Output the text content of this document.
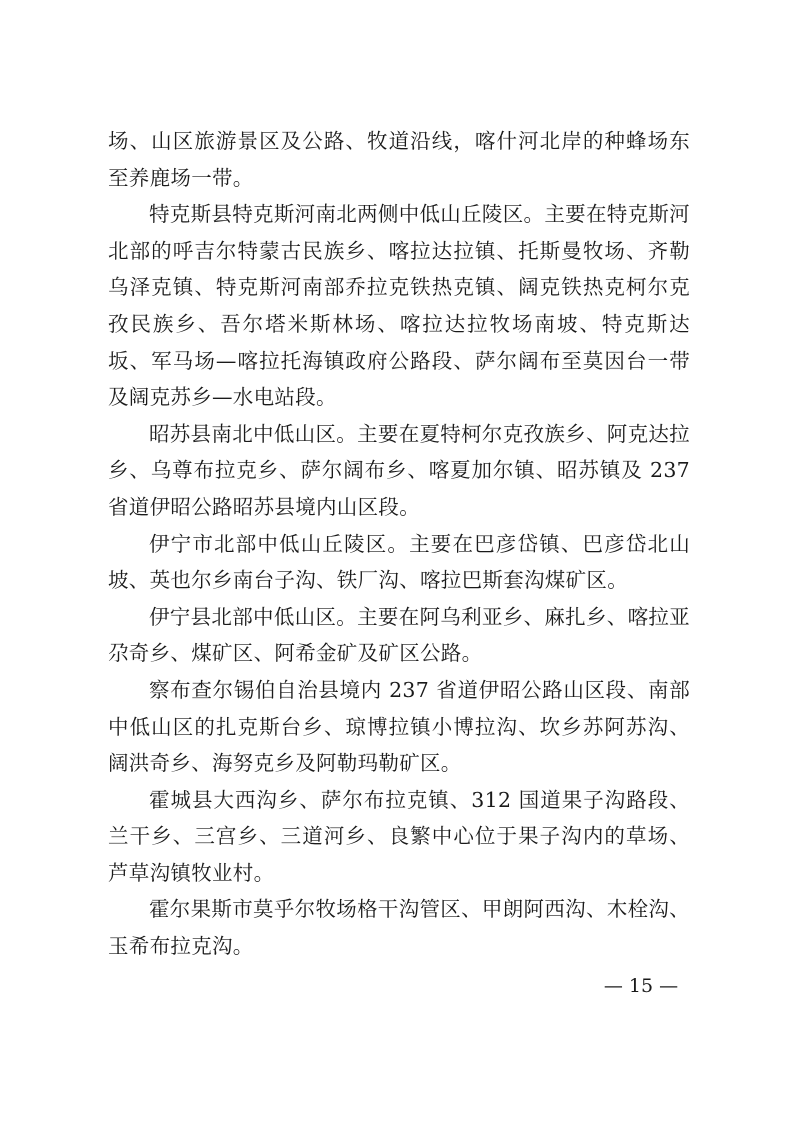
场、山区旅游景区及公路、牧道沿线，喀什河北岸的种蜂场东至养鹿场一带。

特克斯县特克斯河南北两侧中低山丘陵区。主要在特克斯河北部的呼吉尔特蒙古民族乡、喀拉达拉镇、托斯曼牧场、齐勒乌泽克镇、特克斯河南部乔拉克铁热克镇、阔克铁热克柯尔克孜民族乡、吾尔塔米斯林场、喀拉达拉牧场南坡、特克斯达坂、军马场—喀拉托海镇政府公路段、萨尔阔布至莫因台一带及阔克苏乡—水电站段。

昭苏县南北中低山区。主要在夏特柯尔克孜族乡、阿克达拉乡、乌尊布拉克乡、萨尔阔布乡、喀夏加尔镇、昭苏镇及 237 省道伊昭公路昭苏县境内山区段。

伊宁市北部中低山丘陵区。主要在巴彦岱镇、巴彦岱北山坡、英也尔乡南台子沟、铁厂沟、喀拉巴斯套沟煤矿区。

伊宁县北部中低山区。主要在阿乌利亚乡、麻扎乡、喀拉亚尕奇乡、煤矿区、阿希金矿及矿区公路。

察布查尔锡伯自治县境内 237 省道伊昭公路山区段、南部中低山区的扎克斯台乡、琼博拉镇小博拉沟、坎乡苏阿苏沟、阔洪奇乡、海努克乡及阿勒玛勒矿区。

霍城县大西沟乡、萨尔布拉克镇、312 国道果子沟路段、兰干乡、三宫乡、三道河乡、良繁中心位于果子沟内的草场、芦草沟镇牧业村。

霍尔果斯市莫乎尔牧场格干沟管区、甲朗阿西沟、木栓沟、玉希布拉克沟。

— 15 —
